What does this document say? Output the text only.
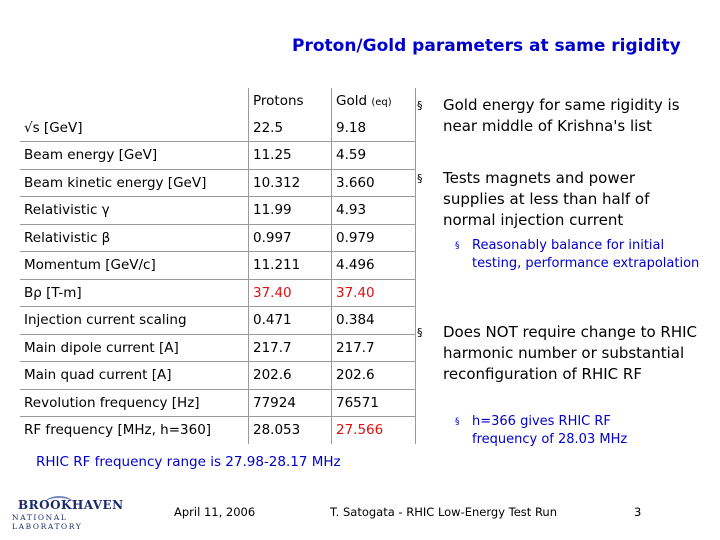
Proton/Gold parameters at same rigidity
	Protons	Gold (eq)
√s [GeV]	22.5	9.18
Beam energy [GeV]	11.25	4.59
Beam kinetic energy [GeV]	10.312	3.660
Relativistic γ	11.99	4.93
Relativistic β	0.997	0.979
Momentum [GeV/c]	11.211	4.496
Bρ [T-m]	37.40	37.40
Injection current scaling	0.471	0.384
Main dipole current [A]	217.7	217.7
Main quad current [A]	202.6	202.6
Revolution frequency [Hz]	77924	76571
RF frequency [MHz, h=360]	28.053	27.566
§ Gold energy for same rigidity is near middle of Krishna's list
§ Tests magnets and power supplies at less than half of normal injection current
§ Reasonably balance for initial testing, performance extrapolation
§ Does NOT require change to RHIC harmonic number or substantial reconfiguration of RHIC RF
§ h=366 gives RHIC RF frequency of 28.03 MHz
RHIC RF frequency range is 27.98-28.17 MHz
BROOKHAVEN
NATIONAL LABORATORY
April 11, 2006	T. Satogata - RHIC Low-Energy Test Run	3
